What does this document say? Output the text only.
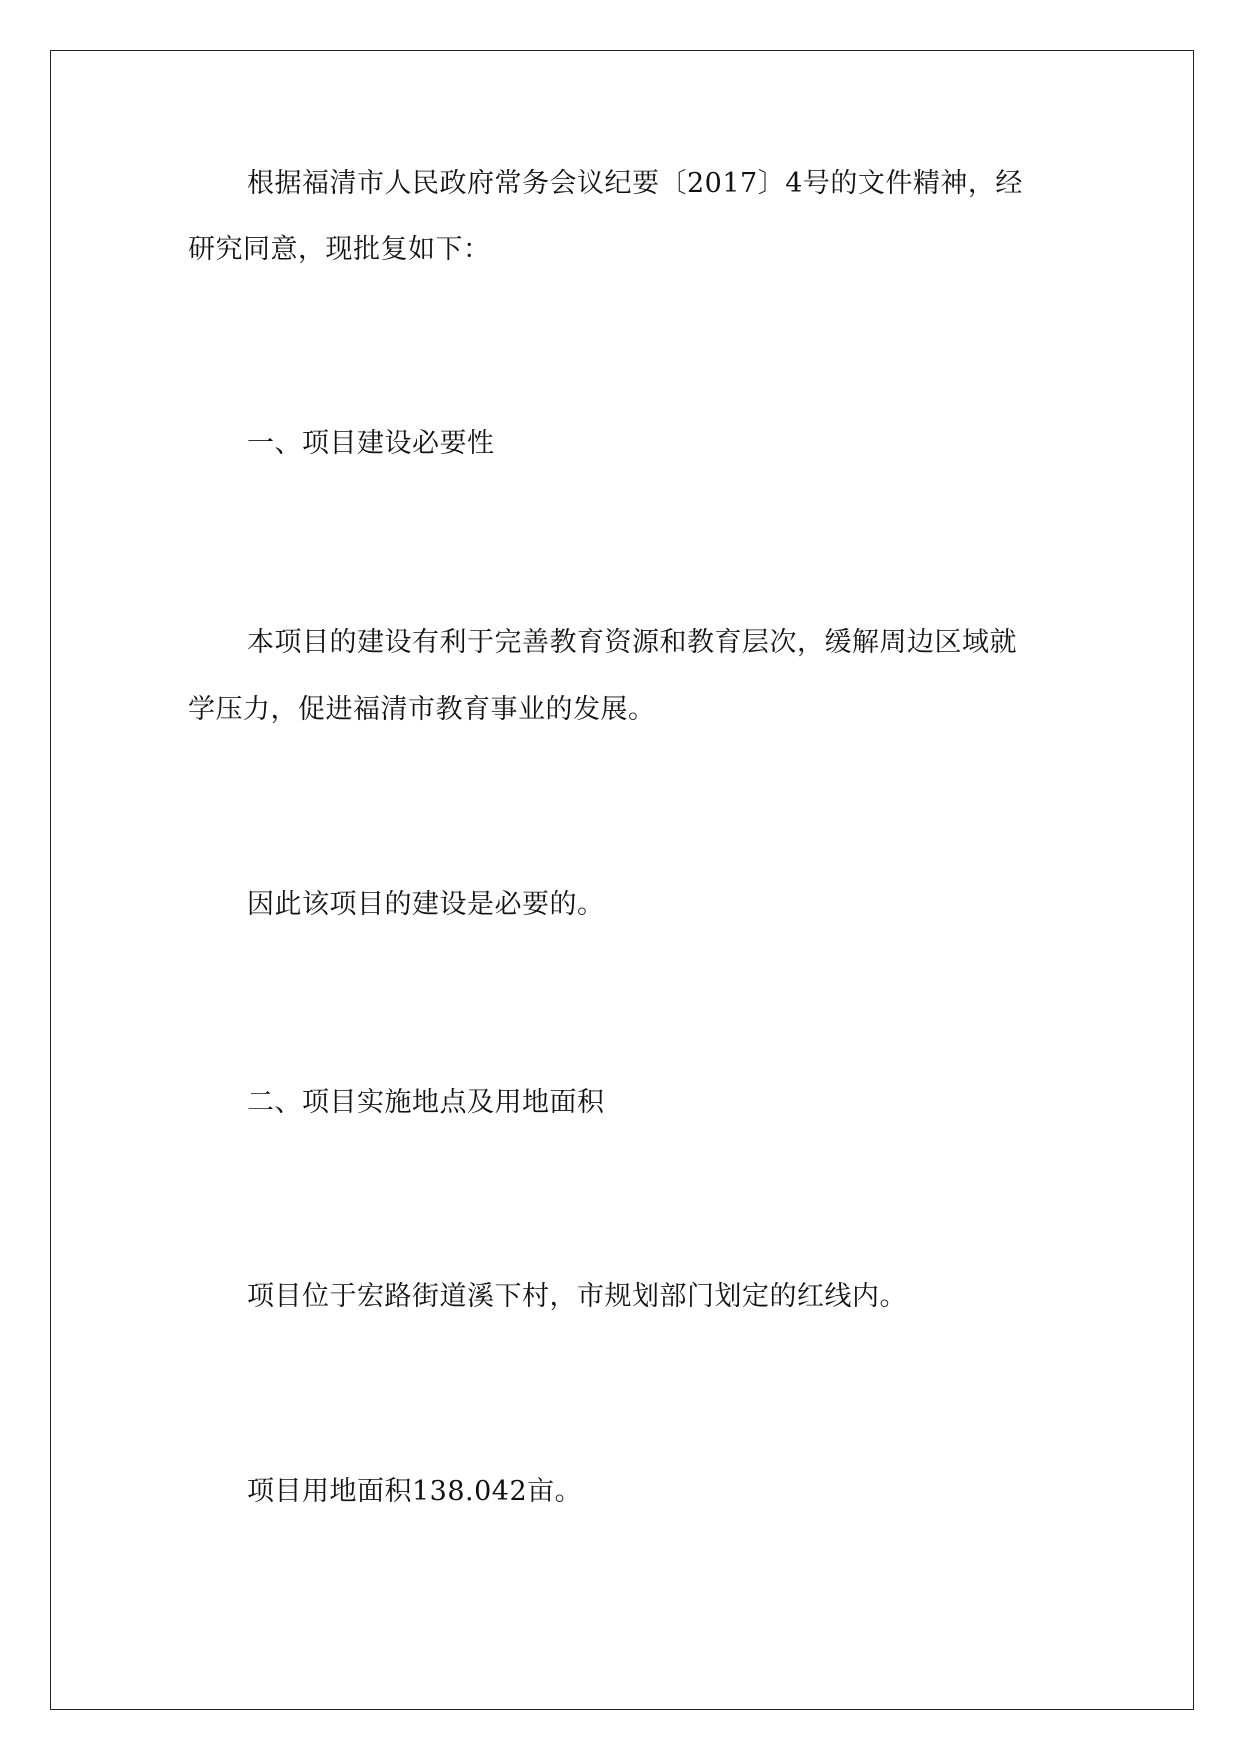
根据福清市人民政府常务会议纪要〔2017〕4号的文件精神，经
研究同意，现批复如下：
一、项目建设必要性
本项目的建设有利于完善教育资源和教育层次，缓解周边区域就
学压力，促进福清市教育事业的发展。
因此该项目的建设是必要的。
二、项目实施地点及用地面积
项目位于宏路街道溪下村，市规划部门划定的红线内。
项目用地面积138.042亩。
